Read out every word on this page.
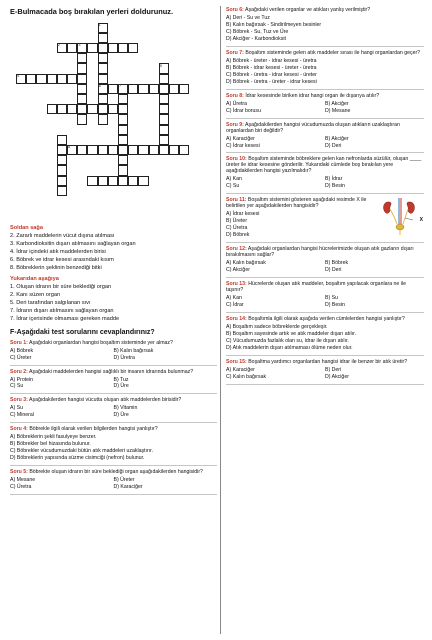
E-Bulmacada boş bırakılan yerleri doldurunuz.
1
2	3
4
5
6	7
8
Soldan sağa
2. Zararlı maddelerin vücut dışına atılması
3. Karbondioksitin dışarı atılmasını sağlayan organ
4. İdrar içindeki atık maddelerden birisi
6. Böbrek ve idrar kesesi arasındaki kısım
8. Böbreklerin şeklinin benzediği bitki
Yukarıdan aşağıya
1. Oluşan idrarın bir süre beklediği organ
2. Kanı süzen organ
5. Deri tarafından salgılanan sıvı
7. İdrarın dışarı atılmasını sağlayan organ
7. İdrar içerisinde olmaması gereken madde
F-Aşağıdaki test sorularını cevaplandırınız?
Soru 1: Aşağıdaki organlardan hangisi boşaltım sisteminde yer almaz?
A) Böbrek	B) Kalın bağırsak
C) Üreter	D) Üretra
Soru 2: Aşağıdaki maddelerden hangisi sağlıklı bir insanın idrarında bulunmaz?
A) Protein	B) Tuz
C) Su	D) Üre
Soru 3: Aşağıdakilerden hangisi vücutta oluşan atık maddelerden birisidir?
A) Su	B) Vitamin
C) Mineral	D) Üre
Soru 4: Böbrekle ilgili olarak verilen bilgilerden hangisi yanlıştır?
A) Böbreklerin şekli fasulyeye benzer.
B) Böbrekler bel hizasında bulunur.
C) Böbrekler vücudumuzdaki bütün atık maddeleri uzaklaştırır.
D) Böbreklerin yapısında süzme cisimciği (nefron) bulunur.
Soru 5: Böbrekte oluşan idrarın bir süre beklediği organ aşağıdakilerden hangisidir?
A) Mesane	B) Üreter
C) Üretra	D) Karaciğer
Soru 6: Aşağıdaki verilen organlar ve atıkları yanlış verilmiştir?
A) Deri - Su ve Tuz
B) Kalın bağırsak - Sindirilmeyen besinler
C) Böbrek - Su, Tuz ve Üre
D) Akciğer - Karbondioksit
Soru 7: Boşaltım sisteminde gelen atık maddeler sırası ile hangi organlardan geçer?
A) Böbrek - üreter - idrar kesesi - üretra
B) Böbrek - idrar kesesi - üreter - üretra
C) Böbrek - üretra - idrar kesesi - üreter
D) Böbrek - üretra - üreter - idrar kesesi
Soru 8: İdrar kesesinde biriken idrar hangi organ ile dışarıya atılır?
A) Üretra	B) Akciğer
C) İdrar borusu	D) Mesane
Soru 9: Aşağıdakilerden hangisi vücudumuzda oluşan atıkların uzaklaştıran organlardan biri değildir?
A) Karaciğer	B) Akciğer
C) İdrar kesesi	D) Deri
Soru 10: Boşaltım sisteminde böbreklere gelen kan nefronlarda süzülür, oluşan ____ üreter ile idrar kesesine gönderilir. Yukarıdaki cümlede boş bırakılan yere aşağıdakilerden hangisi yazılmalıdır?
A) Kan	B) İdrar
C) Su	D) Besin
Soru 11: Boşaltım sistemini gösteren aşağıdaki resimde X ile belirtilen yer aşağıdakilerden hangisidir?
A) İdrar kesesi
B) Üreter
C) Üretra
D) Böbrek
X
Soru 12: Aşağıdaki organlardan hangisi hücrelerimizde oluşan atık gazların dışarı bırakılmasını sağlar?
A) Kalın bağırsak	B) Böbrek
C) Akciğer	D) Deri
Soru 13: Hücrelerde oluşan atık maddeler, boşaltım yapılacak organlara ne ile taşınır?
A) Kan	B) Su
C) İdrar	D) Besin
Soru 14: Boşaltımla ilgili olarak aşağıda verilen cümlelerden hangisi yanlıştır?
A) Boşaltım sadece böbreklerde gerçekleşir.
B) Boşaltım sayesinde artık ve atık maddeler dışarı atılır.
C) Vücudumuzda fazlalık olan su, idrar ile dışarı atılır.
D) Atık maddelerin dışarı atılmaması ölüme neden olur.
Soru 15: Boşaltma yardımcı organlardan hangisi idrar ile benzer bir atık üretir?
A) Karaciğer	B) Deri
C) Kalın bağırsak	D) Akciğer
